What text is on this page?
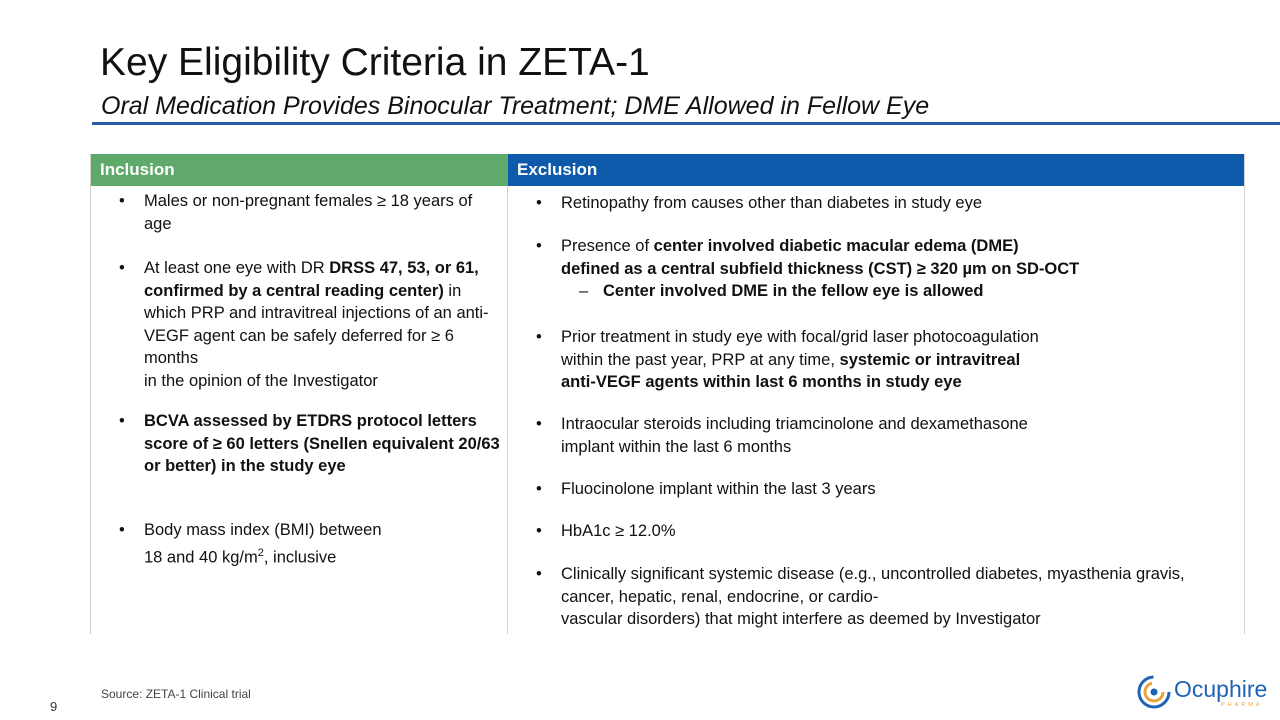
Key Eligibility Criteria in ZETA-1
Oral Medication Provides Binocular Treatment; DME Allowed in Fellow Eye
Inclusion	Exclusion
• Males or non-pregnant females ≥ 18 years of age
• At least one eye with DR DRSS 47, 53, or 61, confirmed by a central reading center) in which PRP and intravitreal injections of an anti-VEGF agent can be safely deferred for ≥ 6 months
in the opinion of the Investigator
• BCVA assessed by ETDRS protocol letters score of ≥ 60 letters (Snellen equivalent 20/63 or better) in the study eye
• Body mass index (BMI) between
18 and 40 $kg/m^2$, inclusive
• Retinopathy from causes other than diabetes in study eye
• Presence of center involved diabetic macular edema (DME)
defined as a central subfield thickness (CST) ≥ 320 µm on SD-OCT
– Center involved DME in the fellow eye is allowed
• Prior treatment in study eye with focal/grid laser photocoagulation
within the past year, PRP at any time, systemic or intravitreal
anti-VEGF agents within last 6 months in study eye
• Intraocular steroids including triamcinolone and dexamethasone
implant within the last 6 months
• Fluocinolone implant within the last 3 years
• HbA1c ≥ 12.0%
• Clinically significant systemic disease (e.g., uncontrolled diabetes, myasthenia gravis, cancer, hepatic, renal, endocrine, or cardio-
vascular disorders) that might interfere as deemed by Investigator
Source: ZETA-1 Clinical trial
9
Ocuphire
PHARMA
